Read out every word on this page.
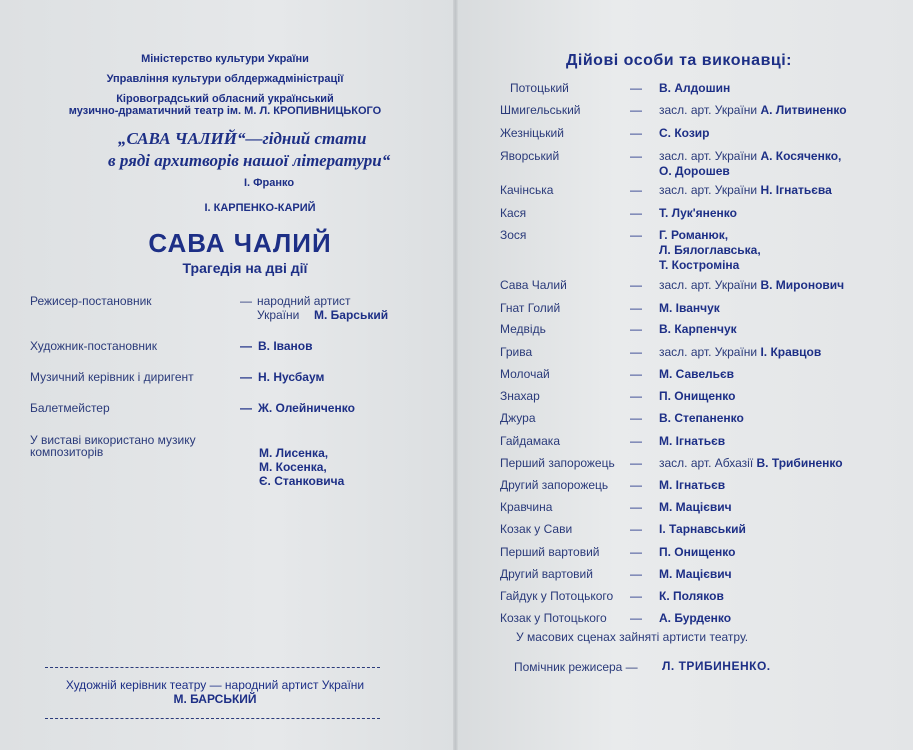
Міністерство культури України
Управління культури облдержадміністрації
Кіровоградський обласний український
музично-драматичний театр ім. М. Л. КРОПИВНИЦЬКОГО
„САВА ЧАЛИЙ“—гідний стати
в ряді архитворів нашої літератури“
І. Франко
І. КАРПЕНКО-КАРИЙ
САВА ЧАЛИЙ
Трагедія на дві дії
Режисер-постановник	— народний артист
України М. Барський
Художник-постановник	— В. Іванов
Музичний керівник і диригент	— Н. Нусбаум
Балетмейстер	— Ж. Олейниченко
У виставі використано музику
композиторів	М. Лисенка,
М. Косенка,
Є. Станковича
Художній керівник театру — народний артист України
М. БАРСЬКИЙ
Дійові особи та виконавці:
Потоцький	— В. Алдошин
Шмигельський	— засл. арт. України А. Литвиненко
Жезніцький	— С. Козир
Яворський	— засл. арт. України А. Косяченко,
О. Дорошев
Качінська	— засл. арт. України Н. Ігнатьєва
Кася	— Т. Лук'яненко
Зося	— Г. Романюк,
Л. Бялоглавська,
Т. Костроміна
Сава Чалий	— засл. арт. України В. Миронович
Гнат Голий	— М. Іванчук
Медвідь	— В. Карпенчук
Грива	— засл. арт. України І. Кравцов
Молочай	— М. Савельєв
Знахар	— П. Онищенко
Джура	— В. Степаненко
Гайдамака	— М. Ігнатьєв
Перший запорожець — засл. арт. Абхазії В. Трибиненко
Другий запорожець — М. Ігнатьєв
Кравчина	— М. Мацієвич
Козак у Сави	— І. Тарнавський
Перший вартовий	— П. Онищенко
Другий вартовий	— М. Мацієвич
Гайдук у Потоцького — К. Поляков
Козак у Потоцького — А. Бурденко
У масових сценах зайняті артисти театру.
Помічник режисера — Л. ТРИБИНЕНКО.
